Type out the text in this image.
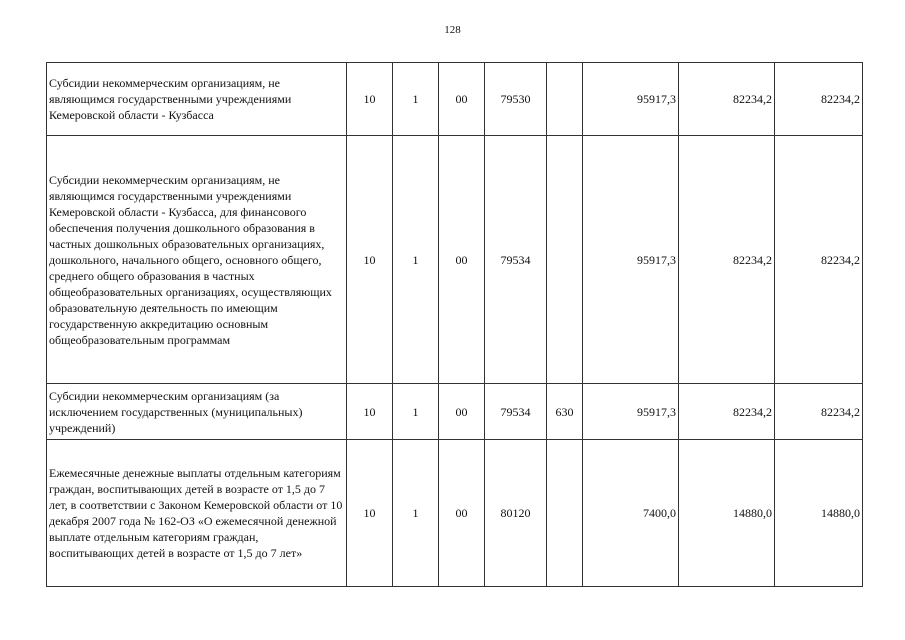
128
Субсидии некоммерческим организациям, не являющимся государственными учреждениями Кемеровской области - Кузбасса	10	1	00	79530		95917,3	82234,2	82234,2
Субсидии некоммерческим организациям, не являющимся государственными учреждениями Кемеровской области - Кузбасса, для финансового обеспечения получения дошкольного образования в частных дошкольных образовательных организациях, дошкольного, начального общего, основного общего, среднего общего образования в частных общеобразовательных организациях, осуществляющих образовательную деятельность по имеющим государственную аккредитацию основным общеобразовательным программам	10	1	00	79534		95917,3	82234,2	82234,2
Субсидии некоммерческим организациям (за исключением государственных (муниципальных) учреждений)	10	1	00	79534	630	95917,3	82234,2	82234,2
Ежемесячные денежные выплаты отдельным категориям граждан, воспитывающих детей в возрасте от 1,5 до 7 лет, в соответствии с Законом Кемеровской области от 10 декабря 2007 года № 162-ОЗ «О ежемесячной денежной выплате отдельным категориям граждан, воспитывающих детей в возрасте от 1,5 до 7 лет»	10	1	00	80120		7400,0	14880,0	14880,0
